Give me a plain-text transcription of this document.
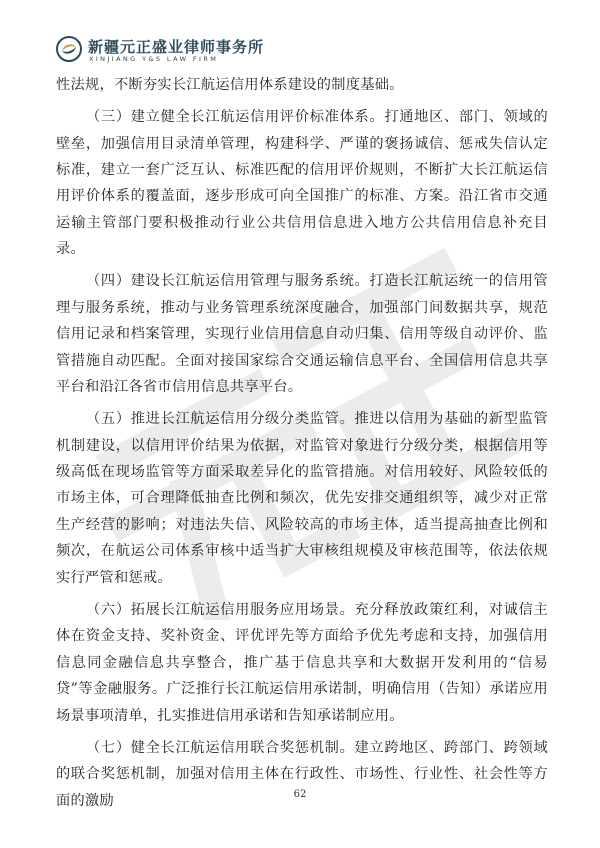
新疆元正盛业律师事务所
XINJIANG Y&S LAW FIRM

性法规，不断夯实长江航运信用体系建设的制度基础。

（三）建立健全长江航运信用评价标准体系。打通地区、部门、领域的壁垒，加强信用目录清单管理，构建科学、严谨的褒扬诚信、惩戒失信认定标准，建立一套广泛互认、标准匹配的信用评价规则，不断扩大长江航运信用评价体系的覆盖面，逐步形成可向全国推广的标准、方案。沿江省市交通运输主管部门要积极推动行业公共信用信息进入地方公共信用信息补充目录。

（四）建设长江航运信用管理与服务系统。打造长江航运统一的信用管理与服务系统，推动与业务管理系统深度融合，加强部门间数据共享，规范信用记录和档案管理，实现行业信用信息自动归集、信用等级自动评价、监管措施自动匹配。全面对接国家综合交通运输信息平台、全国信用信息共享平台和沿江各省市信用信息共享平台。

（五）推进长江航运信用分级分类监管。推进以信用为基础的新型监管机制建设，以信用评价结果为依据，对监管对象进行分级分类，根据信用等级高低在现场监管等方面采取差异化的监管措施。对信用较好、风险较低的市场主体，可合理降低抽查比例和频次，优先安排交通组织等，减少对正常生产经营的影响；对违法失信、风险较高的市场主体，适当提高抽查比例和频次，在航运公司体系审核中适当扩大审核组规模及审核范围等，依法依规实行严管和惩戒。

（六）拓展长江航运信用服务应用场景。充分释放政策红利，对诚信主体在资金支持、奖补资金、评优评先等方面给予优先考虑和支持，加强信用信息同金融信息共享整合，推广基于信息共享和大数据开发利用的“信易贷”等金融服务。广泛推行长江航运信用承诺制，明确信用（告知）承诺应用场景事项清单，扎实推进信用承诺和告知承诺制应用。

（七）健全长江航运信用联合奖惩机制。建立跨地区、跨部门、跨领域的联合奖惩机制，加强对信用主体在行政性、市场性、行业性、社会性等方面的激励	62
